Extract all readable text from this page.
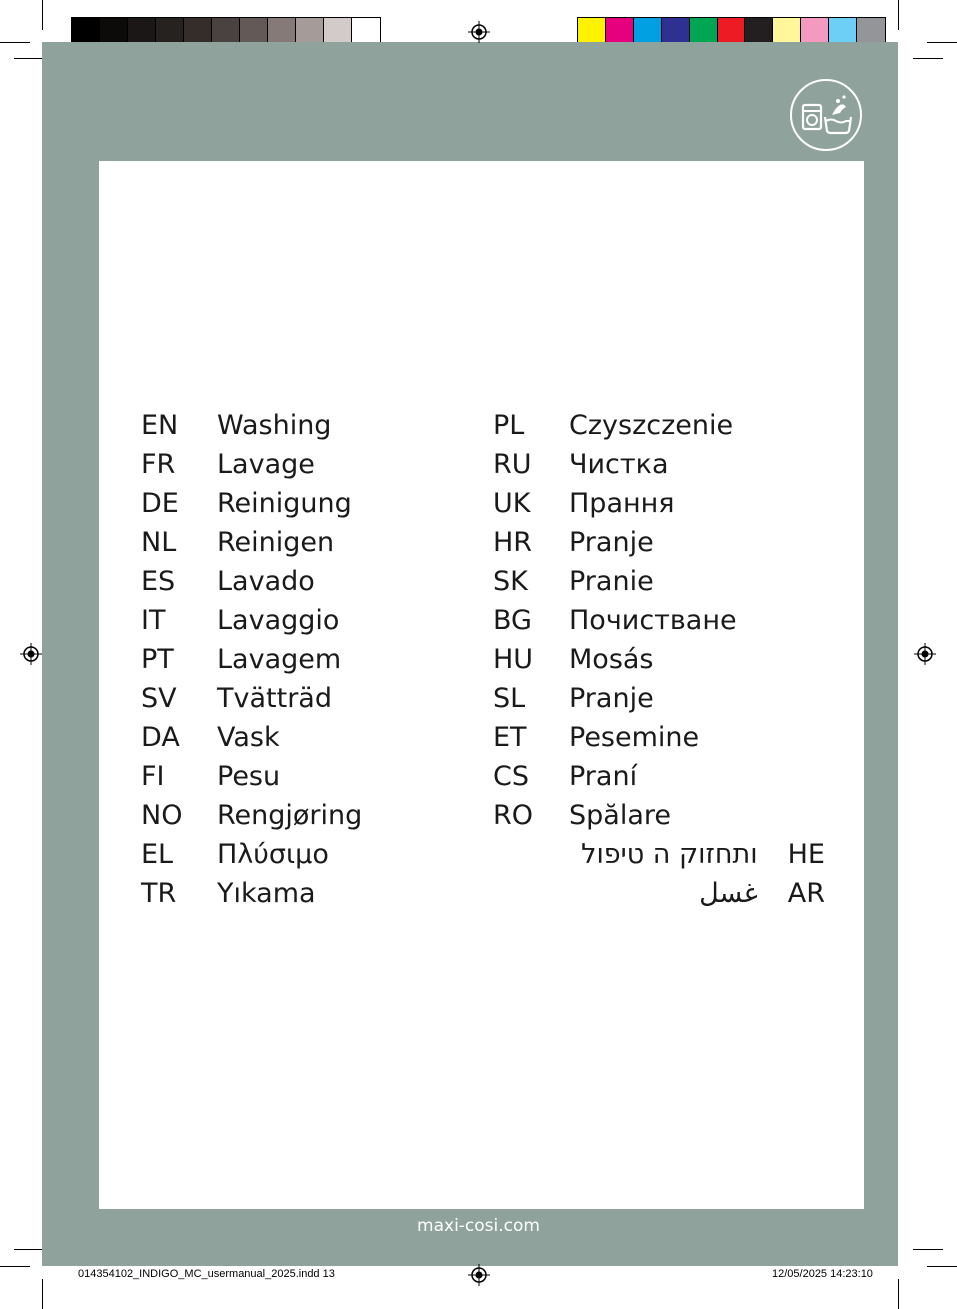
EN	Washing
FR	Lavage
DE	Reinigung
NL	Reinigen
ES	Lavado
IT	Lavaggio
PT	Lavagem
SV	Tvätträd
DA	Vask
FI	Pesu
NO	Rengjøring
EL	Πλύσιμο
TR	Yıkama
PL	Czyszczenie
RU	Чистка
UK	Прання
HR	Pranje
SK	Pranie
BG	Почистване
HU	Mosás
SL	Pranje
ET	Pesemine
CS	Praní
RO	Spălare
ותחזוק ה טיפול HE
غسل AR
maxi-cosi.com
014354102_INDIGO_MC_usermanual_2025.indd 13	12/05/2025 14:23:10
